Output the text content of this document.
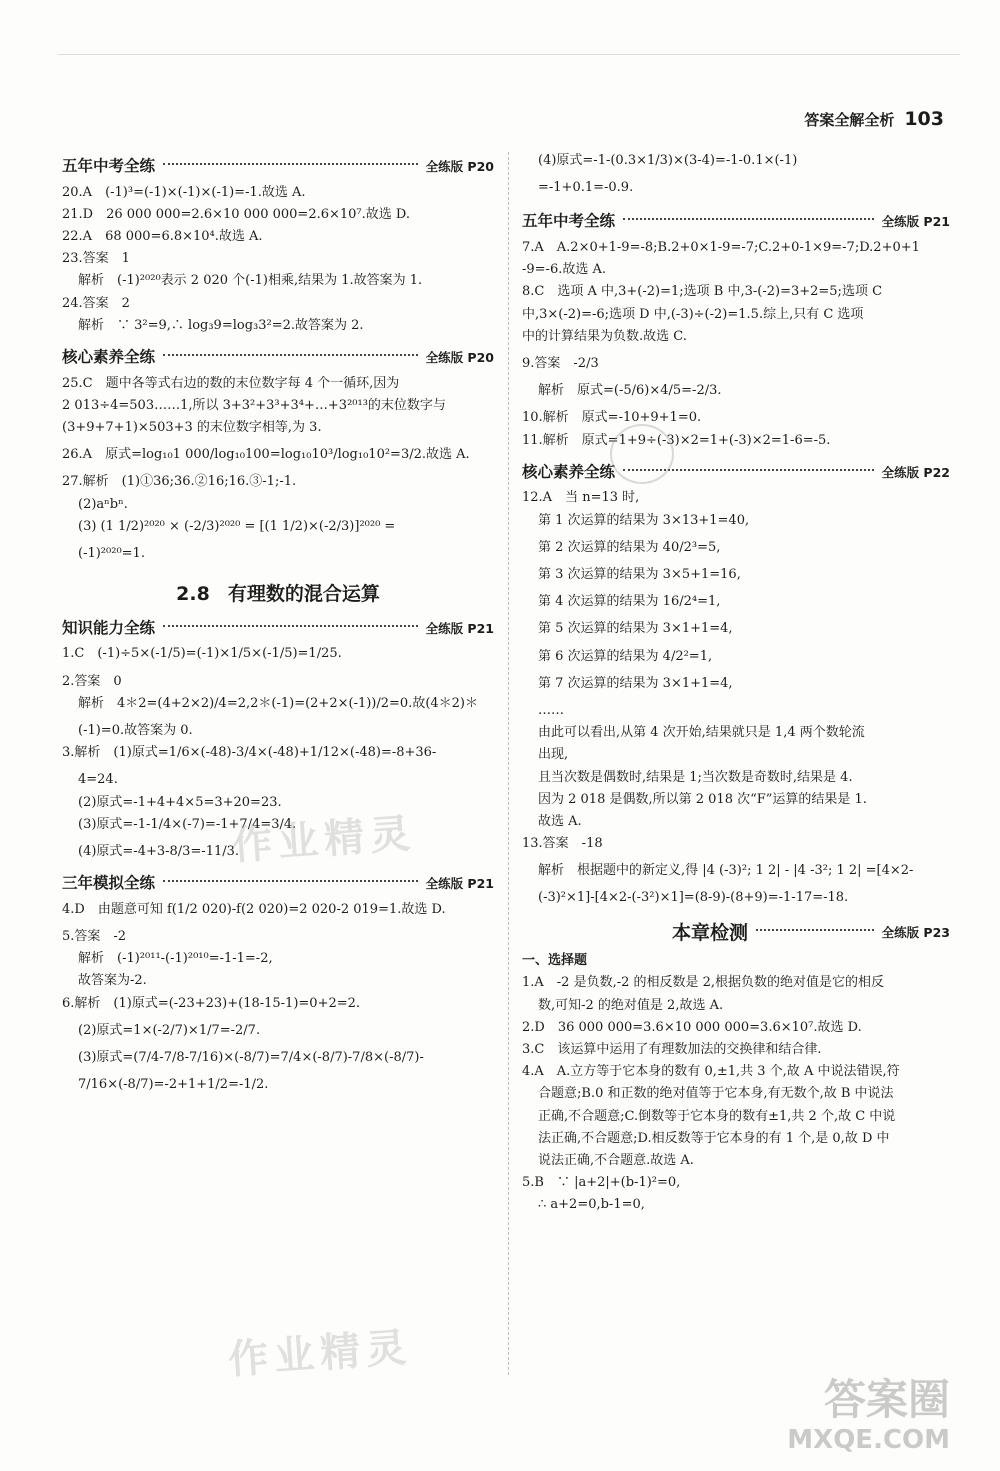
答案全解全析 103
五年中考全练	全练版 P20
20.A　(-1)³=(-1)×(-1)×(-1)=-1.故选 A.
21.D　26 000 000=2.6×10 000 000=2.6×10⁷.故选 D.
22.A　68 000=6.8×10⁴.故选 A.
23.答案　1
解析　(-1)²⁰²⁰表示 2 020 个(-1)相乘,结果为 1.故答案为 1.
24.答案　2
解析　∵ 3²=9,∴ log₃9=log₃3²=2.故答案为 2.
核心素养全练	全练版 P20
25.C　题中各等式右边的数的末位数字每 4 个一循环,因为
2 013÷4=503……1,所以 3+3²+3³+3⁴+…+3²⁰¹³的末位数字与
(3+9+7+1)×503+3 的末位数字相等,为 3.
26.A　原式=log₁₀1 000/log₁₀100=log₁₀10³/log₁₀10²=3/2.故选 A.
27.解析　(1)①36;36.②16;16.③-1;-1.
(2)aⁿbⁿ.
(3) (1 1/2)²⁰²⁰ × (-2/3)²⁰²⁰ = [(1 1/2)×(-2/3)]²⁰²⁰ =
(-1)²⁰²⁰=1.
2.8 有理数的混合运算
知识能力全练	全练版 P21
1.C　(-1)÷5×(-1/5)=(-1)×1/5×(-1/5)=1/25.
2.答案　0
解析　4＊2=(4+2×2)/4=2,2＊(-1)=(2+2×(-1))/2=0.故(4＊2)＊
(-1)=0.故答案为 0.
3.解析　(1)原式=1/6×(-48)-3/4×(-48)+1/12×(-48)=-8+36-
4=24.
(2)原式=-1+4+4×5=3+20=23.
(3)原式=-1-1/4×(-7)=-1+7/4=3/4.
(4)原式=-4+3-8/3=-11/3.
三年模拟全练	全练版 P21
4.D　由题意可知 f(1/2 020)-f(2 020)=2 020-2 019=1.故选 D.
5.答案　-2
解析　(-1)²⁰¹¹-(-1)²⁰¹⁰=-1-1=-2,
故答案为-2.
6.解析　(1)原式=(-23+23)+(18-15-1)=0+2=2.
(2)原式=1×(-2/7)×1/7=-2/7.
(3)原式=(7/4-7/8-7/16)×(-8/7)=7/4×(-8/7)-7/8×(-8/7)-
7/16×(-8/7)=-2+1+1/2=-1/2.
(4)原式=-1-(0.3×1/3)×(3-4)=-1-0.1×(-1)
=-1+0.1=-0.9.
五年中考全练	全练版 P21
7.A　A.2×0+1-9=-8;B.2+0×1-9=-7;C.2+0-1×9=-7;D.2+0+1
-9=-6.故选 A.
8.C　选项 A 中,3+(-2)=1;选项 B 中,3-(-2)=3+2=5;选项 C
中,3×(-2)=-6;选项 D 中,(-3)÷(-2)=1.5.综上,只有 C 选项
中的计算结果为负数.故选 C.
9.答案　-2/3
解析　原式=(-5/6)×4/5=-2/3.
10.解析　原式=-10+9+1=0.
11.解析　原式=1+9÷(-3)×2=1+(-3)×2=1-6=-5.
核心素养全练	全练版 P22
12.A　当 n=13 时,
第 1 次运算的结果为 3×13+1=40,
第 2 次运算的结果为 40/2³=5,
第 3 次运算的结果为 3×5+1=16,
第 4 次运算的结果为 16/2⁴=1,
第 5 次运算的结果为 3×1+1=4,
第 6 次运算的结果为 4/2²=1,
第 7 次运算的结果为 3×1+1=4,
……
由此可以看出,从第 4 次开始,结果就只是 1,4 两个数轮流
出现,
且当次数是偶数时,结果是 1;当次数是奇数时,结果是 4.
因为 2 018 是偶数,所以第 2 018 次“F”运算的结果是 1.
故选 A.
13.答案　-18
解析　根据题中的新定义,得 |4 (-3)²; 1 2| - |4 -3²; 1 2| =[4×2-
(-3)²×1]-[4×2-(-3²)×1]=(8-9)-(8+9)=-1-17=-18.
本章检测	全练版 P23
一、选择题
1.A　-2 是负数,-2 的相反数是 2,根据负数的绝对值是它的相反
数,可知-2 的绝对值是 2,故选 A.
2.D　36 000 000=3.6×10 000 000=3.6×10⁷.故选 D.
3.C　该运算中运用了有理数加法的交换律和结合律.
4.A　A.立方等于它本身的数有 0,±1,共 3 个,故 A 中说法错误,符
合题意;B.0 和正数的绝对值等于它本身,有无数个,故 B 中说法
正确,不合题意;C.倒数等于它本身的数有±1,共 2 个,故 C 中说
法正确,不合题意;D.相反数等于它本身的有 1 个,是 0,故 D 中
说法正确,不合题意.故选 A.
5.B　∵ |a+2|+(b-1)²=0,
∴ a+2=0,b-1=0,
作业精灵
作业精灵
答案圈
MXQE.COM
